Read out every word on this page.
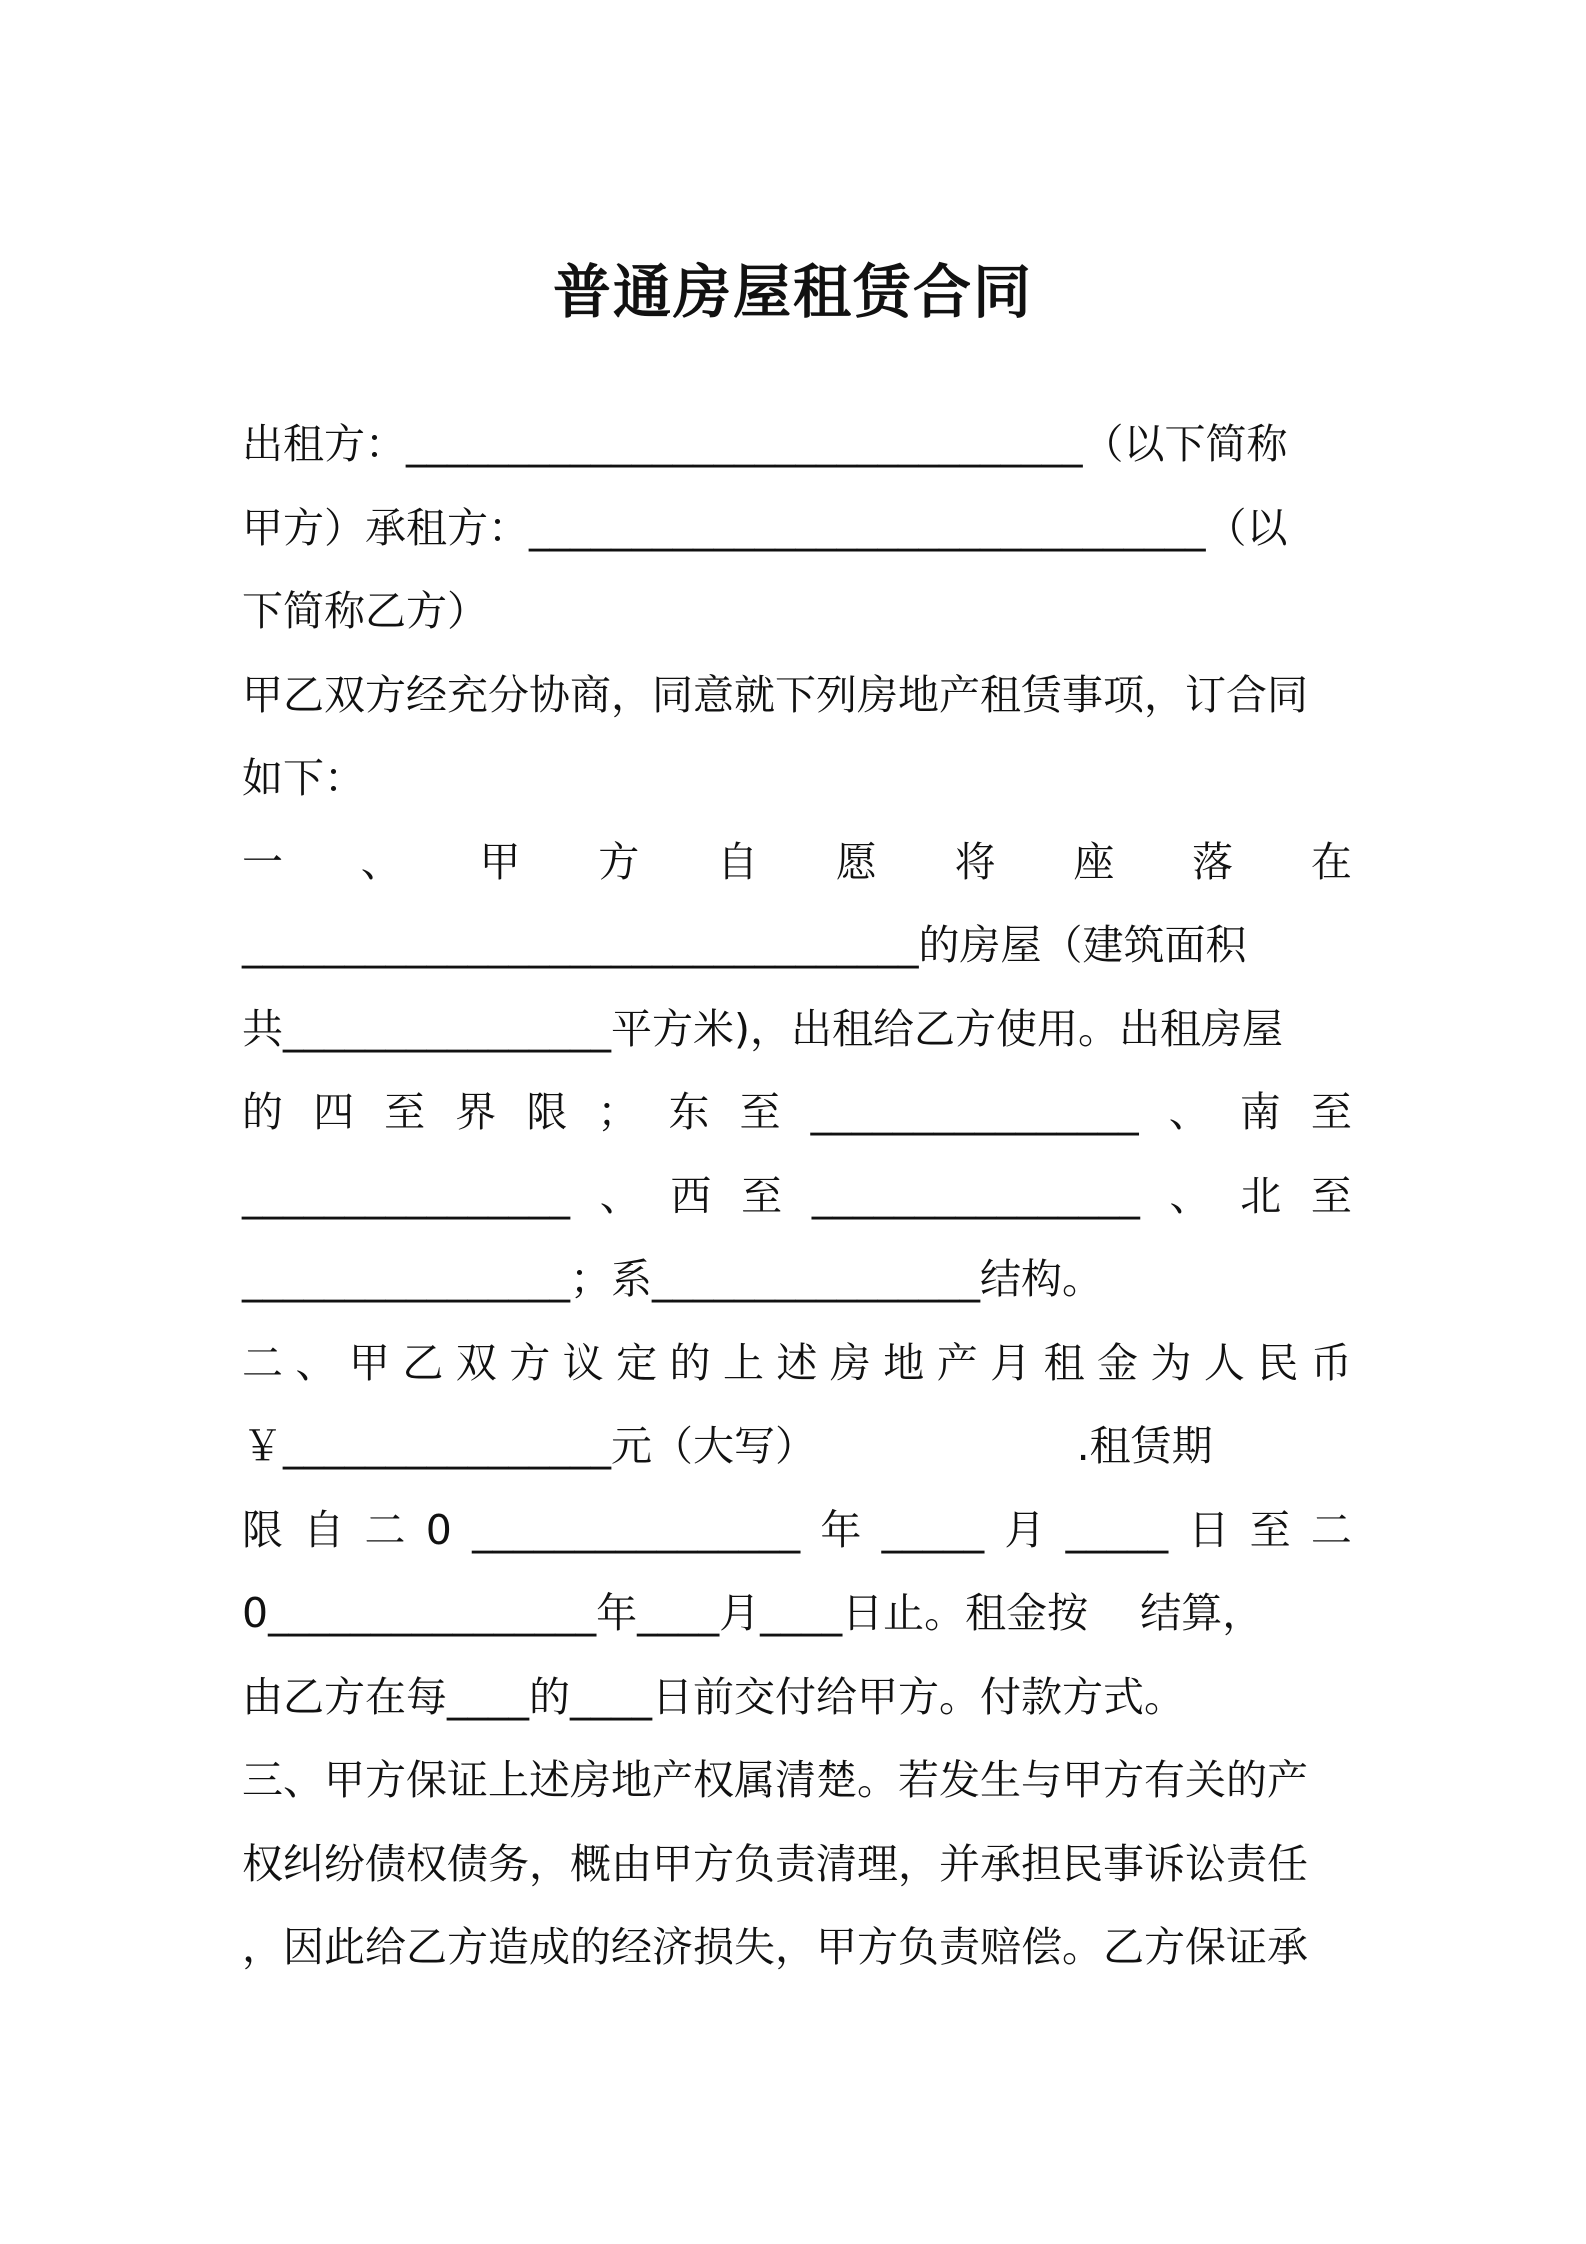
普通房屋租赁合同
出租方：_________________________________（以下简称
甲方）承租方：_________________________________（以
下简称乙方）
甲乙双方经充分协商，同意就下列房地产租赁事项，订合同
如下：
一 、 甲 方 自 愿 将 座 落 在
_________________________________的房屋（建筑面积
共________________平方米)，出租给乙方使用。出租房屋
的 四 至 界 限 ； 东 至 ________________ 、 南 至
________________ 、 西 至 ________________ 、 北 至
________________；系________________结构。
二 、 甲 乙 双 方 议 定 的 上 述 房 地 产 月 租 金 为 人 民 币
￥________________元（大写）                    .租赁期
限 自 二 0 ________________ 年 _____ 月 _____ 日 至 二
0________________年____月____日止。租金按    结算，
由乙方在每____的____日前交付给甲方。付款方式。
三、甲方保证上述房地产权属清楚。若发生与甲方有关的产
权纠纷债权债务，概由甲方负责清理，并承担民事诉讼责任
，因此给乙方造成的经济损失，甲方负责赔偿。乙方保证承
